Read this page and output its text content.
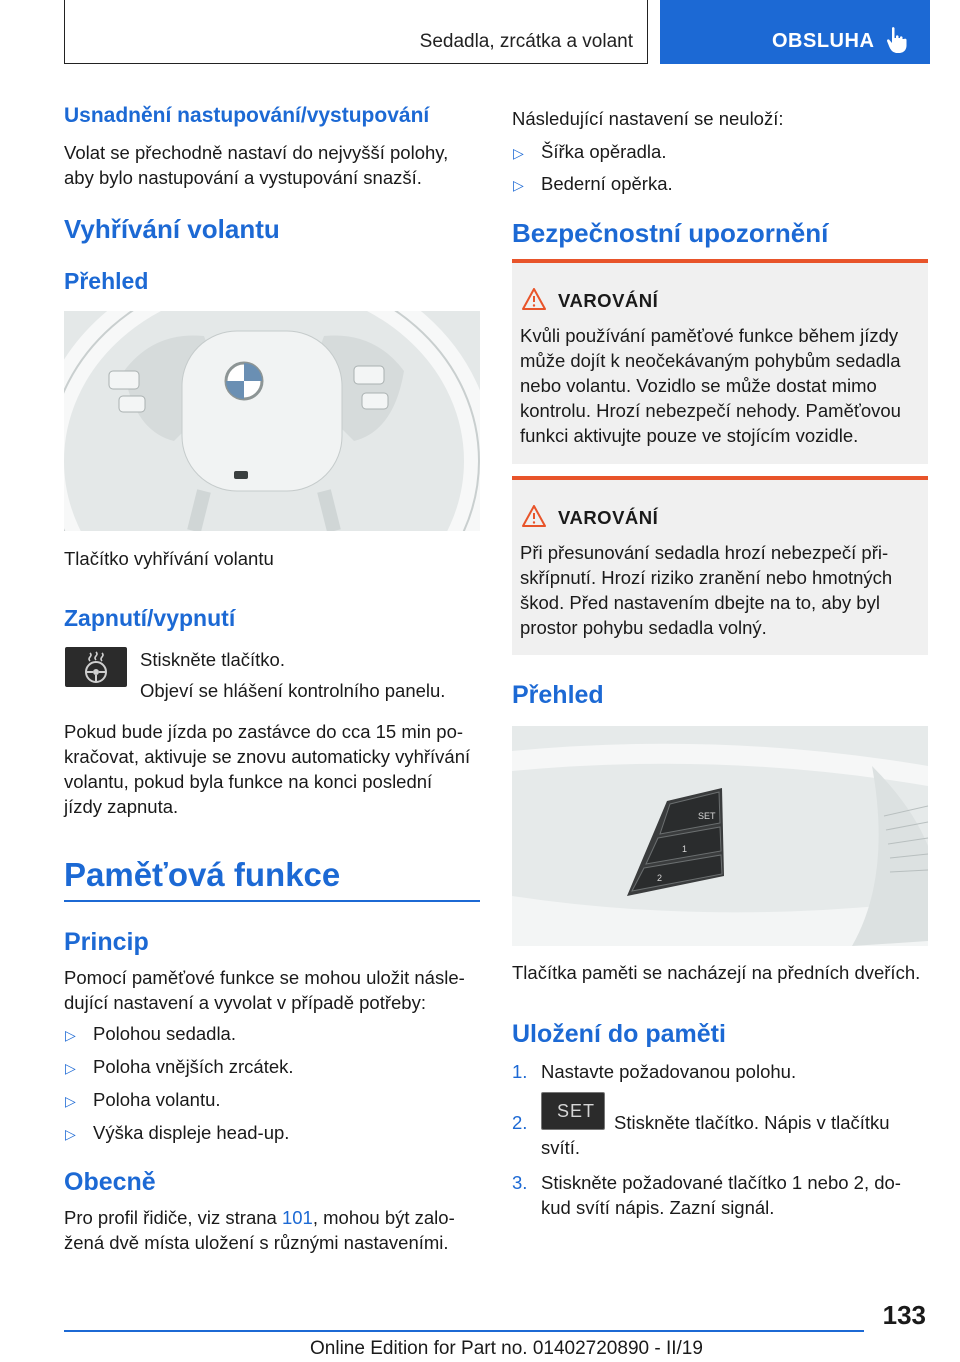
Sedadla, zrcátka a volant	OBSLUHA
Usnadnění nastupování/vystupování
Volat se přechodně nastaví do nejvyšší polohy,
aby bylo nastupování a vystupování snazší.
Vyhřívání volantu
Přehled
Tlačítko vyhřívání volantu
Zapnutí/vypnutí
Stiskněte tlačítko.
Objeví se hlášení kontrolního panelu.
Pokud bude jízda po zastávce do cca 15 min po-
kračovat, aktivuje se znovu automaticky vyhřívání
volantu, pokud byla funkce na konci poslední
jízdy zapnuta.
Paměťová funkce
Princip
Pomocí paměťové funkce se mohou uložit násle-
dující nastavení a vyvolat v případě potřeby:
▷ Polohou sedadla.
▷ Poloha vnějších zrcátek.
▷ Poloha volantu.
▷ Výška displeje head-up.
Obecně
Pro profil řidiče, viz strana 101, mohou být zalo-
žená dvě místa uložení s různými nastaveními.
Následující nastavení se neuloží:
▷ Šířka opěradla.
▷ Bederní opěrka.
Bezpečnostní upozornění
VAROVÁNÍ
Kvůli používání paměťové funkce během jízdy
může dojít k neočekávaným pohybům sedadla
nebo volantu. Vozidlo se může dostat mimo
kontrolu. Hrozí nebezpečí nehody. Paměťovou
funkci aktivujte pouze ve stojícím vozidle.
VAROVÁNÍ
Při přesunování sedadla hrozí nebezpečí při-
skřípnutí. Hrozí riziko zranění nebo hmotných
škod. Před nastavením dbejte na to, aby byl
prostor pohybu sedadla volný.
Přehled
SET
1
2
Tlačítka paměti se nacházejí na předních dveřích.
Uložení do paměti
1. Nastavte požadovanou polohu.
2.
SET
Stiskněte tlačítko. Nápis v tlačítku
svítí.
3. Stiskněte požadované tlačítko 1 nebo 2, do-
kud svítí nápis. Zazní signál.
133
Online Edition for Part no. 01402720890 - II/19
